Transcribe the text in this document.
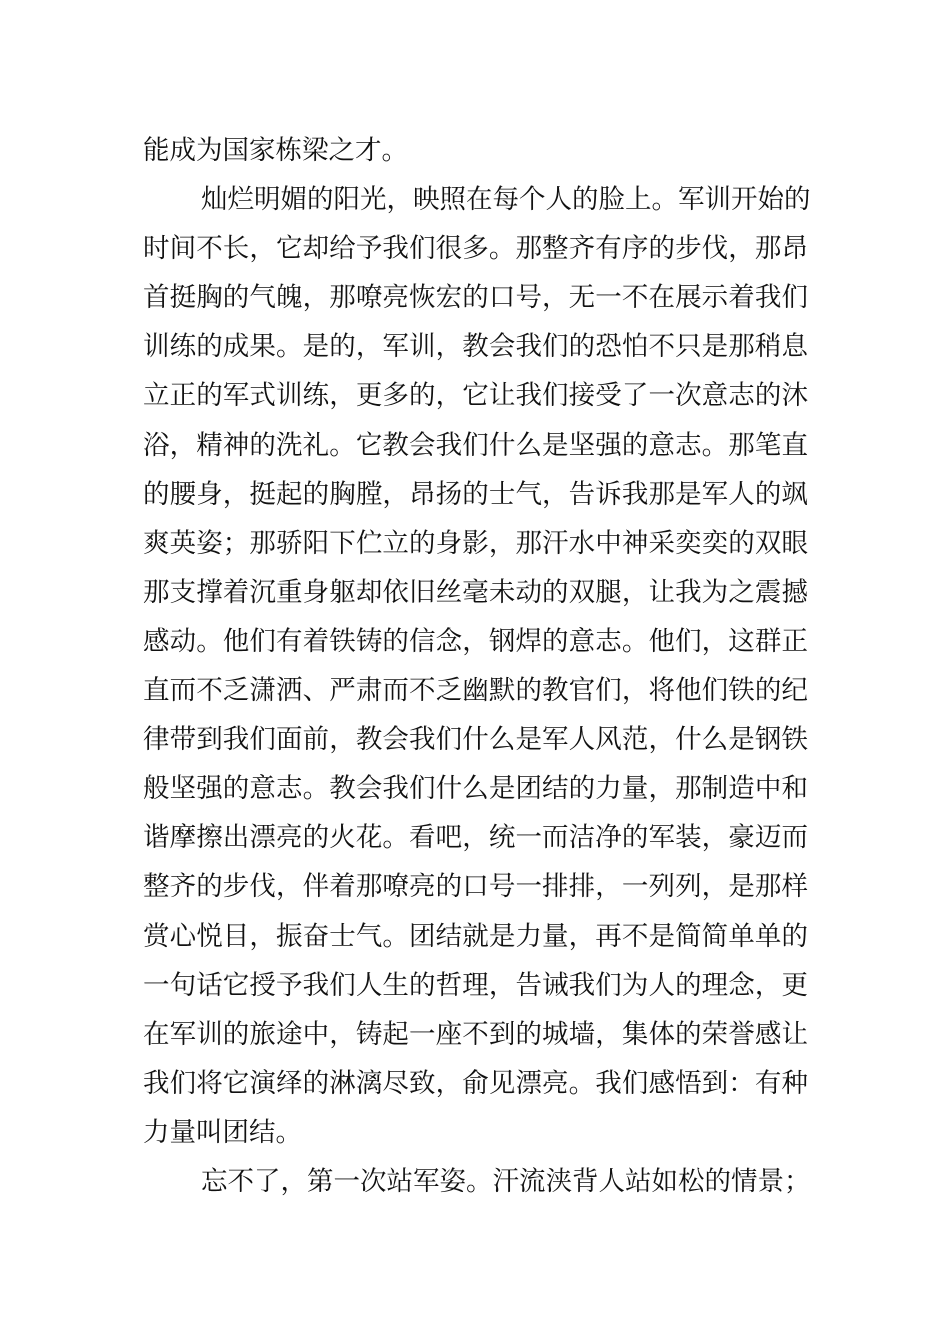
能成为国家栋梁之才。
灿烂明媚的阳光，映照在每个人的脸上。军训开始的
时间不长，它却给予我们很多。那整齐有序的步伐，那昂
首挺胸的气魄，那嘹亮恢宏的口号，无一不在展示着我们
训练的成果。是的，军训，教会我们的恐怕不只是那稍息
立正的军式训练，更多的，它让我们接受了一次意志的沐
浴，精神的洗礼。它教会我们什么是坚强的意志。那笔直
的腰身，挺起的胸膛，昂扬的士气，告诉我那是军人的飒
爽英姿；那骄阳下伫立的身影，那汗水中神采奕奕的双眼
那支撑着沉重身躯却依旧丝毫未动的双腿，让我为之震撼
感动。他们有着铁铸的信念，钢焊的意志。他们，这群正
直而不乏潇洒、严肃而不乏幽默的教官们，将他们铁的纪
律带到我们面前，教会我们什么是军人风范，什么是钢铁
般坚强的意志。教会我们什么是团结的力量，那制造中和
谐摩擦出漂亮的火花。看吧，统一而洁净的军装，豪迈而
整齐的步伐，伴着那嘹亮的口号一排排，一列列，是那样
赏心悦目，振奋士气。团结就是力量，再不是简简单单的
一句话它授予我们人生的哲理，告诫我们为人的理念，更
在军训的旅途中，铸起一座不到的城墙，集体的荣誉感让
我们将它演绎的淋漓尽致，俞见漂亮。我们感悟到：有种
力量叫团结。
忘不了，第一次站军姿。汗流浃背人站如松的情景；
